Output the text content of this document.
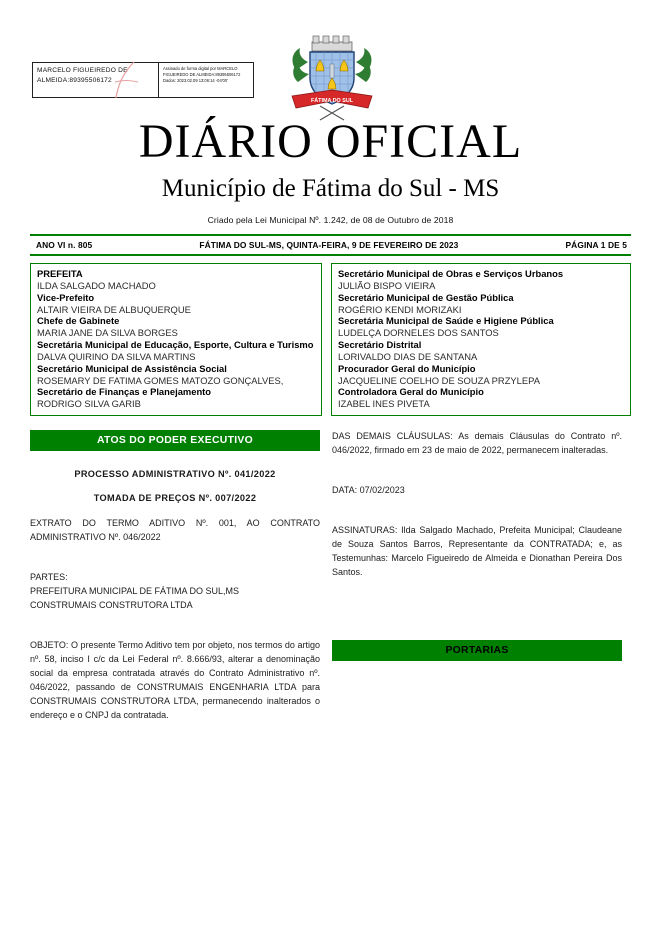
MARCELO FIGUEIREDO DE
ALMEIDA:89395506172
Assinado de forma digital por MARCELO
FIGUEIREDO DE ALMEIDA:89395506172
Dados: 2023.02.09 13:06:14 -04'00'
FÁTIMA DO SUL
DIÁRIO OFICIAL
Município de Fátima do Sul - MS
Criado pela Lei Municipal Nº. 1.242, de 08 de Outubro de 2018
ANO VI n. 805	FÁTIMA DO SUL-MS, QUINTA-FEIRA, 9 DE FEVEREIRO DE 2023	PÁGINA 1 DE 5
PREFEITA
ILDA SALGADO MACHADO
Vice-Prefeito
ALTAIR VIEIRA DE ALBUQUERQUE
Chefe de Gabinete
MARIA JANE DA SILVA BORGES
Secretária Municipal de Educação, Esporte, Cultura e Turismo
DALVA QUIRINO DA SILVA MARTINS
Secretário Municipal de Assistência Social
ROSEMARY DE FATIMA GOMES MATOZO GONÇALVES,
Secretário de Finanças e Planejamento
RODRIGO SILVA GARIB
Secretário Municipal de Obras e Serviços Urbanos
JULIÃO BISPO VIEIRA
Secretário Municipal de Gestão Pública
ROGÉRIO KENDI MORIZAKI
Secretária Municipal de Saúde e Higiene Pública
LUDELÇA DORNELES DOS SANTOS
Secretário Distrital
LORIVALDO DIAS DE SANTANA
Procurador Geral do Município
JACQUELINE COELHO DE SOUZA PRZYLEPA
Controladora Geral do Município
IZABEL INES PIVETA
ATOS DO PODER EXECUTIVO
PROCESSO ADMINISTRATIVO Nº. 041/2022
TOMADA DE PREÇOS Nº. 007/2022
EXTRATO DO TERMO ADITIVO Nº. 001, AO CONTRATO ADMINISTRATIVO Nº. 046/2022
PARTES:
PREFEITURA MUNICIPAL DE FÁTIMA DO SUL,MS
CONSTRUMAIS CONSTRUTORA LTDA
OBJETO: O presente Termo Aditivo tem por objeto, nos termos do artigo nº. 58, inciso I c/c da Lei Federal nº. 8.666/93, alterar a denominação social da empresa contratada através do Contrato Administrativo nº. 046/2022, passando de CONSTRUMAIS ENGENHARIA LTDA para CONSTRUMAIS CONSTRUTORA LTDA, permanecendo inalterados o endereço e o CNPJ da contratada.
DAS DEMAIS CLÁUSULAS: As demais Cláusulas do Contrato nº. 046/2022, firmado em 23 de maio de 2022, permanecem inalteradas.
DATA: 07/02/2023
ASSINATURAS: Ilda Salgado Machado, Prefeita Municipal; Claudeane de Souza Santos Barros, Representante da CONTRATADA; e, as Testemunhas: Marcelo Figueiredo de Almeida e Dionathan Pereira Dos Santos.
PORTARIAS
